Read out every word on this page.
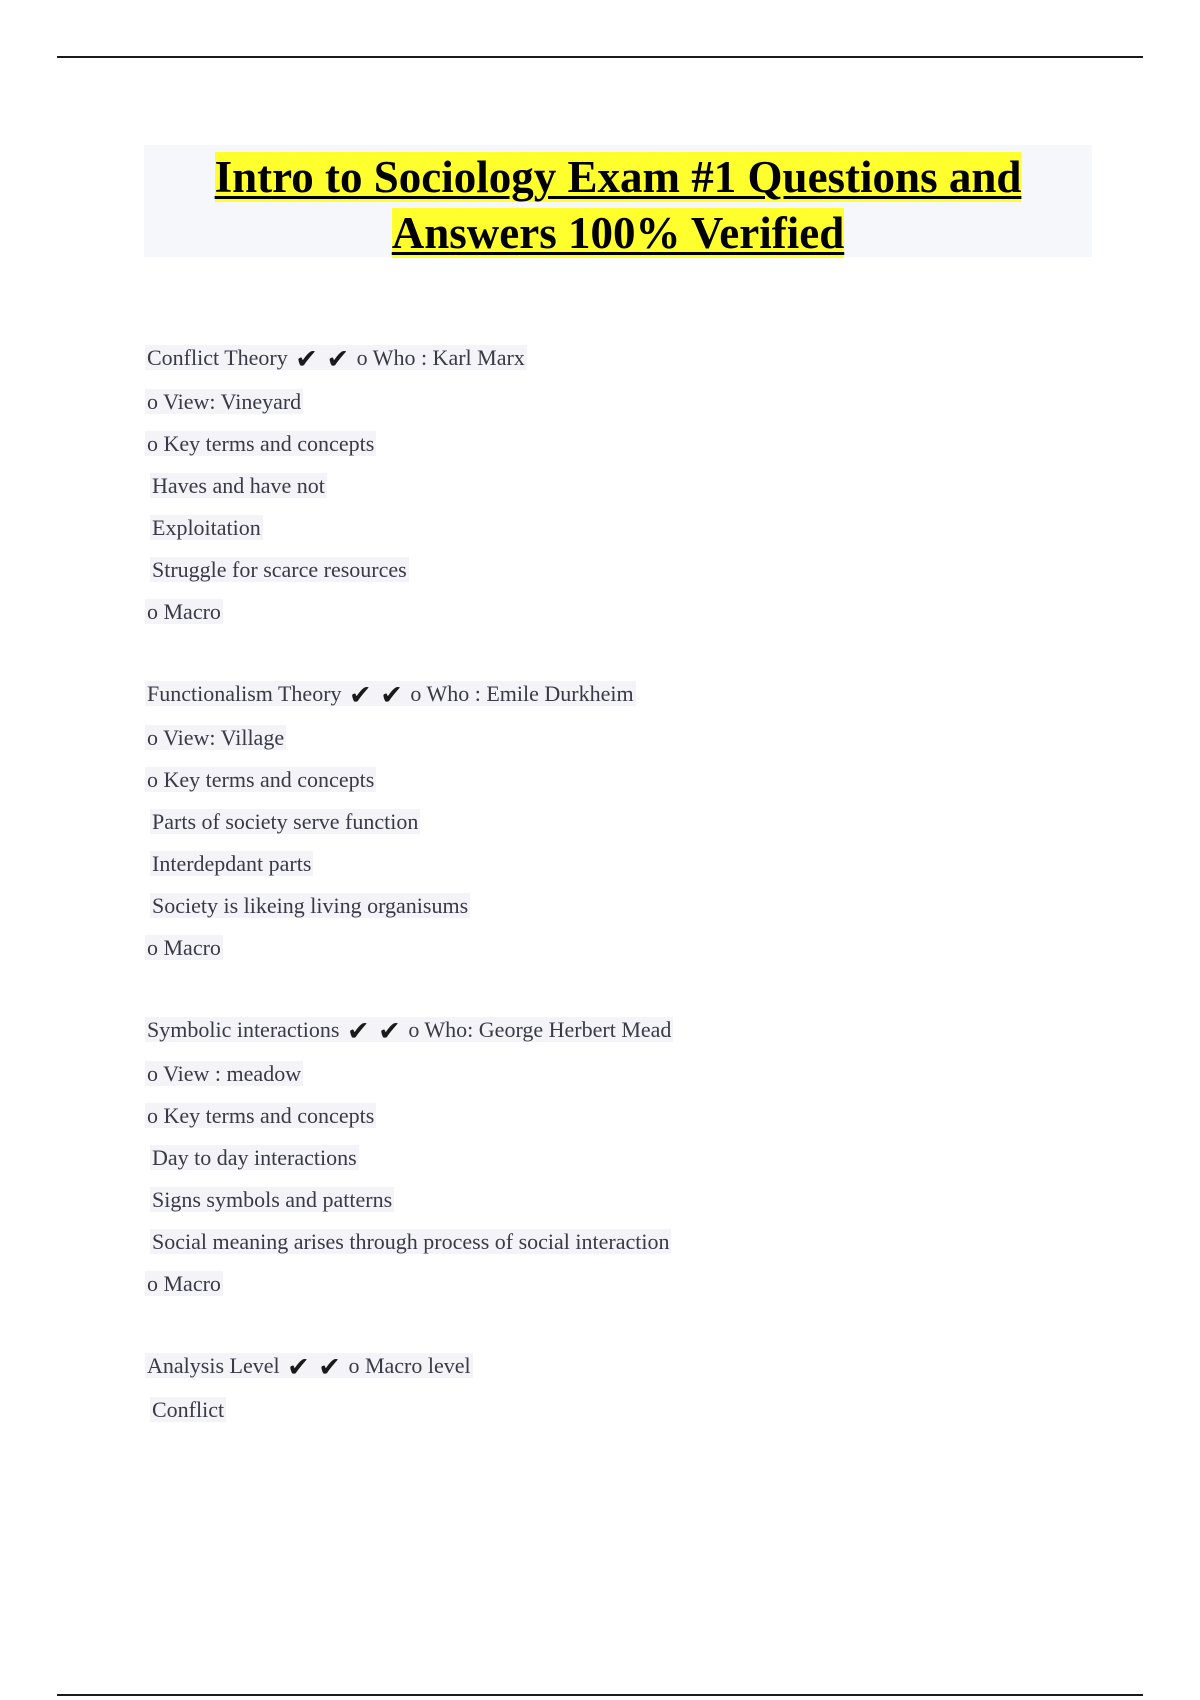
Intro to Sociology Exam #1 Questions and Answers 100% Verified
Conflict Theory ✔ ✔ o Who : Karl Marx
o View: Vineyard
o Key terms and concepts
Haves and have not
Exploitation
Struggle for scarce resources
o Macro
Functionalism Theory ✔ ✔ o Who : Emile Durkheim
o View: Village
o Key terms and concepts
Parts of society serve function
Interdepdant parts
Society is likeing living organisums
o Macro
Symbolic interactions ✔ ✔ o Who: George Herbert Mead
o View : meadow
o Key terms and concepts
Day to day interactions
Signs symbols and patterns
Social meaning arises through process of social interaction
o Macro
Analysis Level ✔ ✔ o Macro level
Conflict
